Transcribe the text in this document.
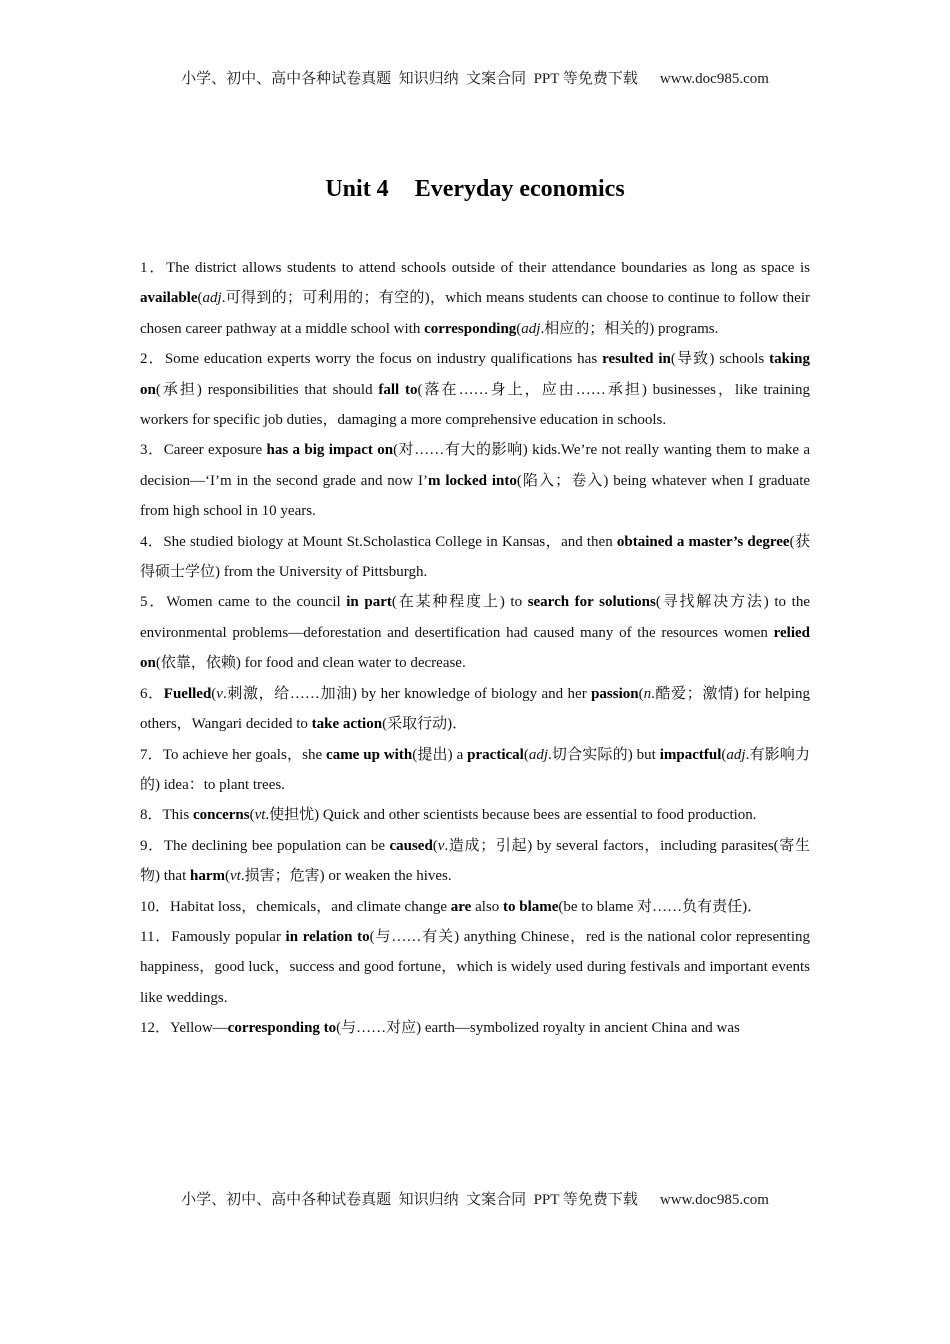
小学、初中、高中各种试卷真题  知识归纳  文案合同  PPT 等免费下载 www.doc985.com
Unit 4 Everyday economics

1．The district allows students to attend schools outside of their attendance boundaries as long as space is available(adj.可得到的；可利用的；有空的)，which means students can choose to continue to follow their chosen career pathway at a middle school with corresponding(adj.相应的；相关的) programs.

2．Some education experts worry the focus on industry qualifications has resulted in(导致) schools taking on(承担) responsibilities that should fall to(落在……身上，应由……承担) businesses，like training workers for specific job duties，damaging a more comprehensive education in schools.

3．Career exposure has a big impact on(对……有大的影响) kids.We’re not really wanting them to make a decision—‘I’m in the second grade and now I’m locked into(陷入；卷入) being whatever when I graduate from high school in 10 years.

4．She studied biology at Mount St.Scholastica College in Kansas，and then obtained a master’s degree(获得硕士学位) from the University of Pittsburgh.

5．Women came to the council in part(在某种程度上) to search for solutions(寻找解决方法) to the environmental problems—deforestation and desertification had caused many of the resources women relied on(依靠，依赖) for food and clean water to decrease.

6．Fuelled(v.刺激，给……加油) by her knowledge of biology and her passion(n.酷爱；激情) for helping others，Wangari decided to take action(采取行动)．

7．To achieve her goals，she came up with(提出) a practical(adj.切合实际的) but impactful(adj.有影响力的) idea：to plant trees.

8．This concerns(vt.使担忧) Quick and other scientists because bees are essential to food production.

9．The declining bee population can be caused(v.造成；引起) by several factors，including parasites(寄生物) that harm(vt.损害；危害) or weaken the hives.

10．Habitat loss，chemicals，and climate change are also to blame(be to blame 对……负有责任)．

11．Famously popular in relation to(与……有关) anything Chinese，red is the national color representing happiness，good luck，success and good fortune，which is widely used during festivals and important events like weddings.

12．Yellow—corresponding to(与……对应) earth—symbolized royalty in ancient China and was

小学、初中、高中各种试卷真题  知识归纳  文案合同  PPT 等免费下载 www.doc985.com
